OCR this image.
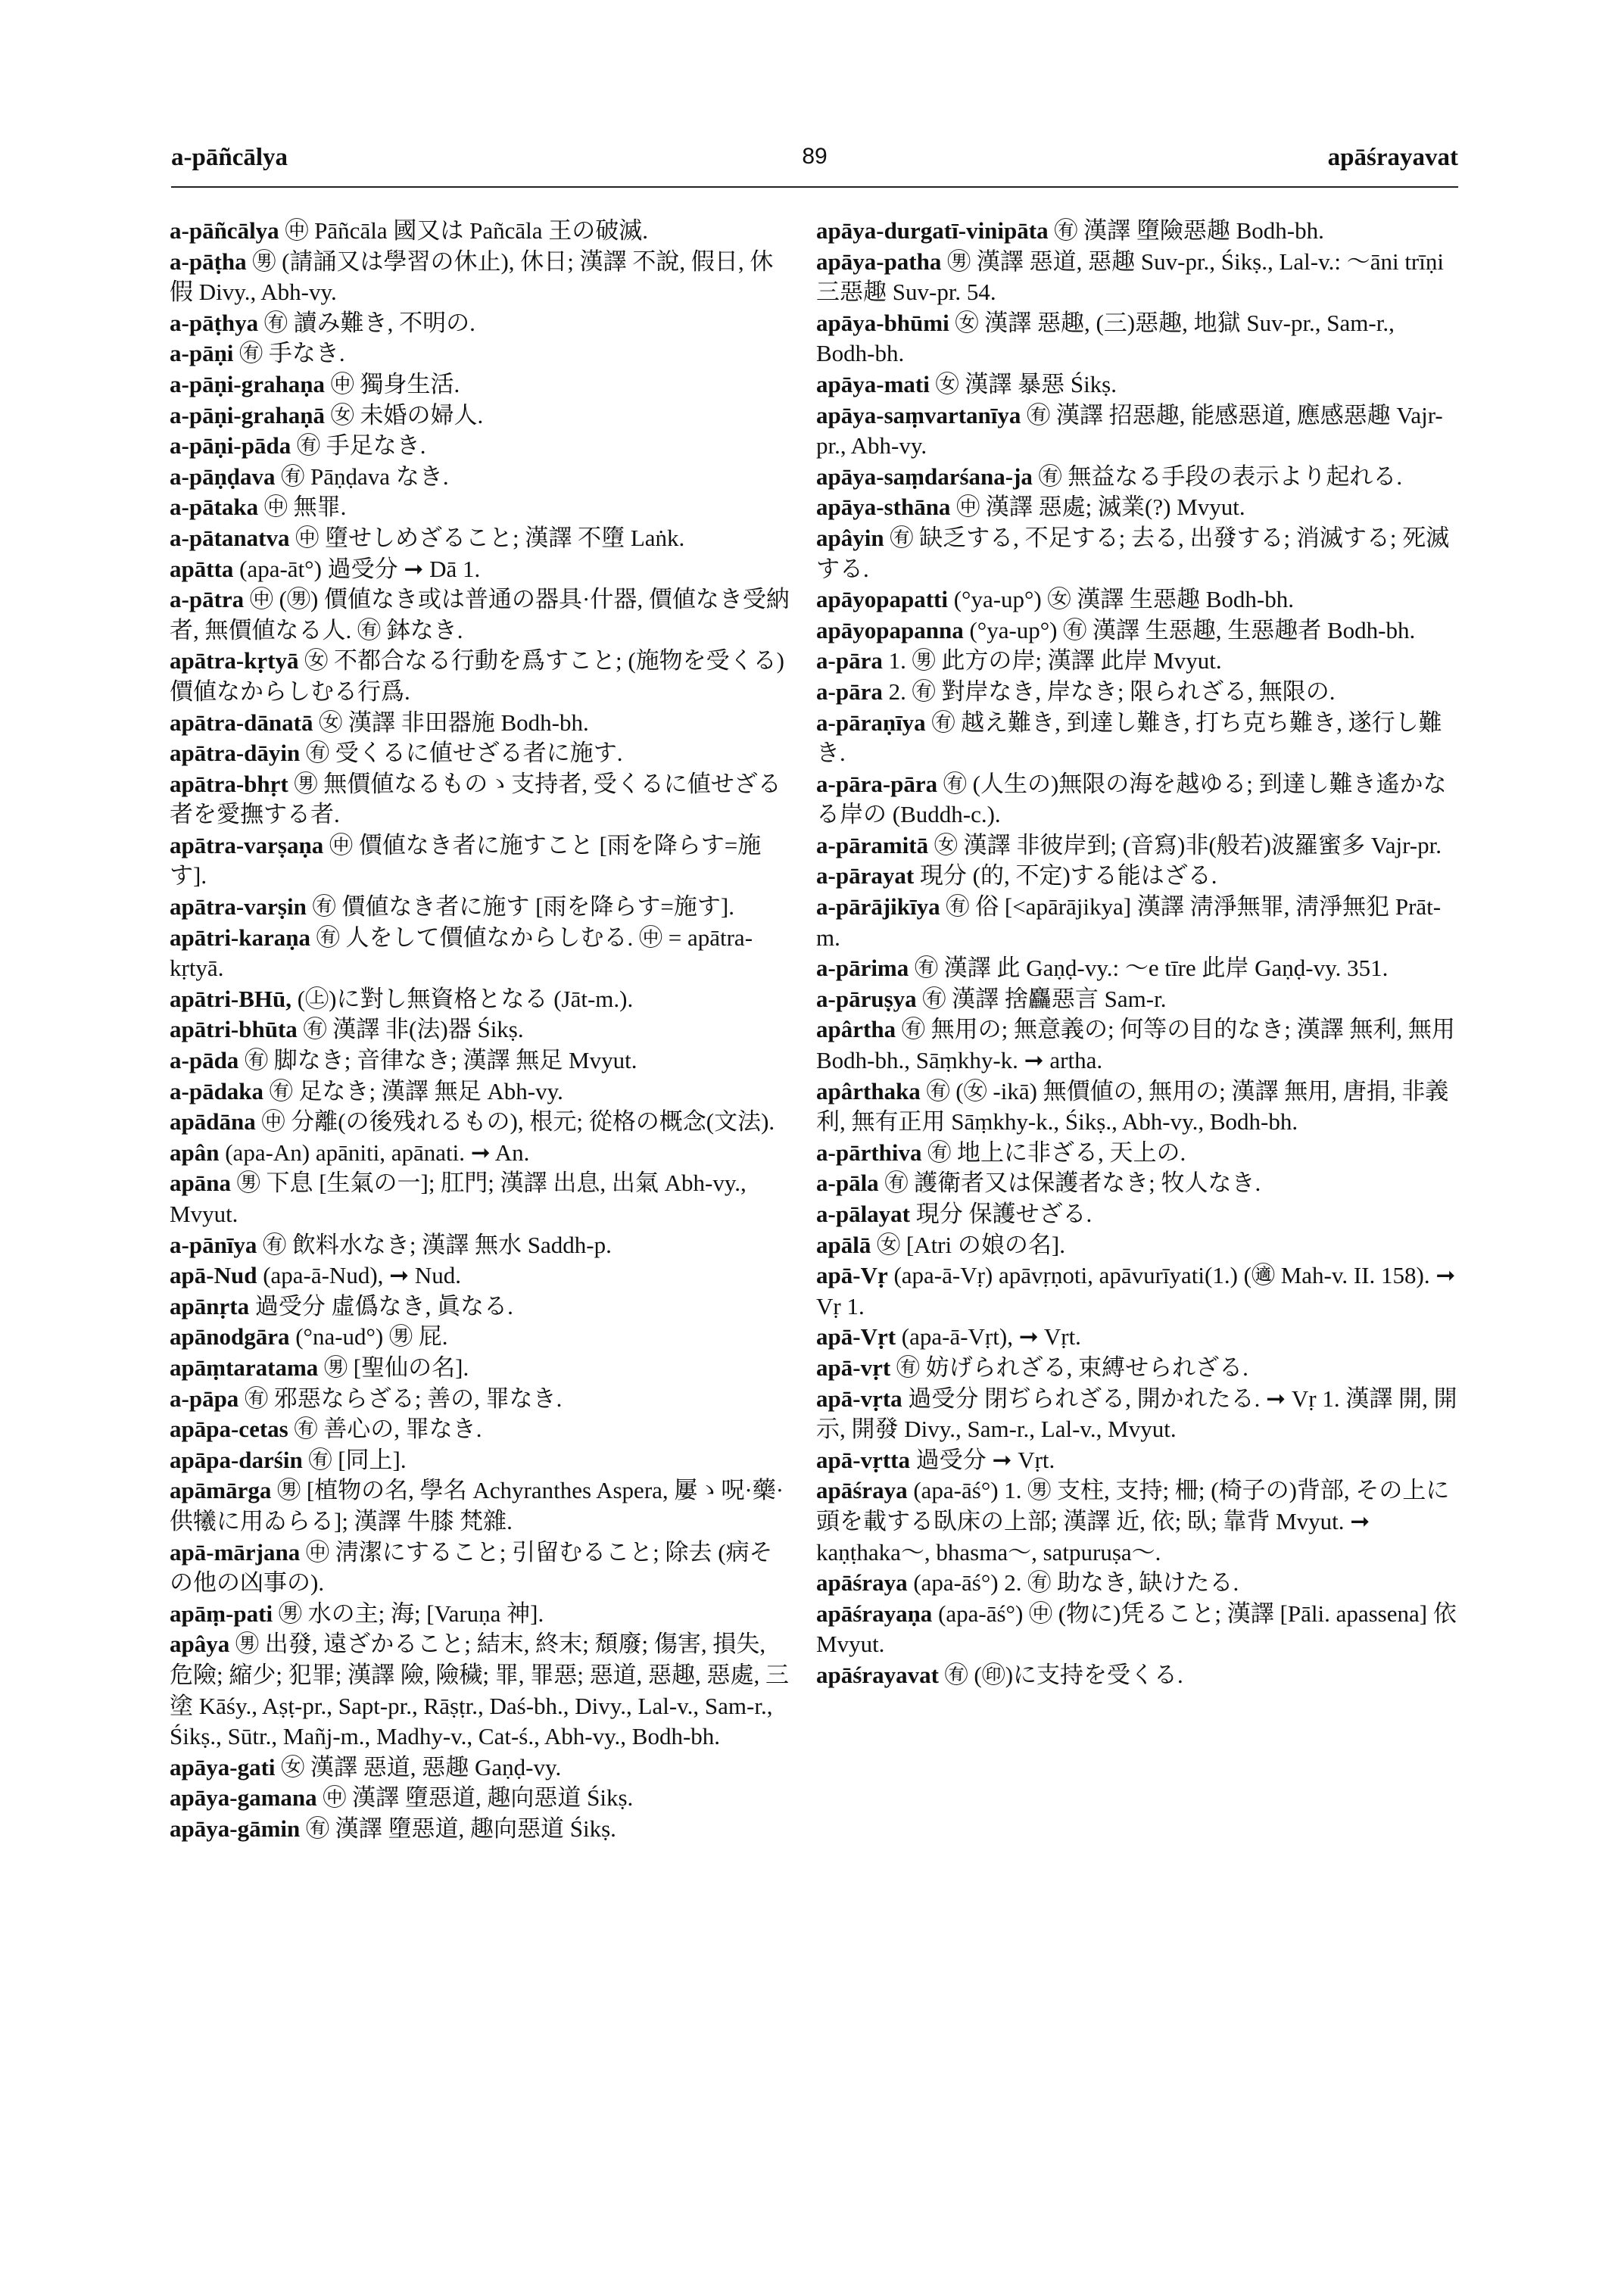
a-pāñcālya	89	apāśrayavat
a-pāñcālya ㊥ Pāñcāla 國又は Pañcāla 王の破滅.
a-pāṭha ㊚ (請誦又は學習の休止), 休日; 漢譯 不說, 假日, 休假 Divy., Abh-vy.
a-pāṭhya ㊒ 讀み難き, 不明の.
a-pāṇi ㊒ 手なき.
a-pāṇi-grahaṇa ㊥ 獨身生活.
a-pāṇi-grahaṇā ㊛ 未婚の婦人.
a-pāṇi-pāda ㊒ 手足なき.
a-pāṇḍava ㊒ Pāṇḍava なき.
a-pātaka ㊥ 無罪.
a-pātanatva ㊥ 墮せしめざること; 漢譯 不墮 Laṅk.
apātta (apa-āt°) 過受分 ➞ Dā 1.
a-pātra ㊥ (㊚) 價値なき或は普通の器具·什器, 價値なき受納者, 無價値なる人. ㊒ 鉢なき.
apātra-kṛtyā ㊛ 不都合なる行動を爲すこと; (施物を受くる)價値なからしむる行爲.
apātra-dānatā ㊛ 漢譯 非田器施 Bodh-bh.
apātra-dāyin ㊒ 受くるに値せざる者に施す.
apātra-bhṛt ㊚ 無價値なるものゝ支持者, 受くるに値せざる者を愛撫する者.
apātra-varṣaṇa ㊥ 價値なき者に施すこと [雨を降らす=施す].
apātra-varṣin ㊒ 價値なき者に施す [雨を降らす=施す].
apātri-karaṇa ㊒ 人をして價値なからしむる. ㊥ = apātra-kṛtyā.
apātri-BHū, (㊤)に對し無資格となる (Jāt-m.).
apātri-bhūta ㊒ 漢譯 非(法)器 Śikṣ.
a-pāda ㊒ 脚なき; 音律なき; 漢譯 無足 Mvyut.
a-pādaka ㊒ 足なき; 漢譯 無足 Abh-vy.
apādāna ㊥ 分離(の後残れるもの), 根元; 從格の概念(文法).
apân (apa-An) apāniti, apānati. ➞ An.
apāna ㊚ 下息 [生氣の一]; 肛門; 漢譯 出息, 出氣 Abh-vy., Mvyut.
a-pānīya ㊒ 飲料水なき; 漢譯 無水 Saddh-p.
apā-Nud (apa-ā-Nud), ➞ Nud.
apānṛta 過受分 虛僞なき, 眞なる.
apānodgāra (°na-ud°) ㊚ 屁.
apāṃtaratama ㊚ [聖仙の名].
a-pāpa ㊒ 邪惡ならざる; 善の, 罪なき.
apāpa-cetas ㊒ 善心の, 罪なき.
apāpa-darśin ㊒ [同上].
apāmārga ㊚ [植物の名, 學名 Achyranthes Aspera, 屢ゝ呪·藥·供犧に用ゐらる]; 漢譯 牛膝 梵雜.
apā-mārjana ㊥ 淸潔にすること; 引留むること; 除去 (病その他の凶事の).
apāṃ-pati ㊚ 水の主; 海; [Varuṇa 神].
apâya ㊚ 出發, 遠ざかること; 結末, 終末; 頹廢; 傷害, 損失, 危險; 縮少; 犯罪; 漢譯 險, 險穢; 罪, 罪惡; 惡道, 惡趣, 惡處, 三塗 Kāśy., Aṣṭ-pr., Sapt-pr., Rāṣṭr., Daś-bh., Divy., Lal-v., Sam-r., Śikṣ., Sūtr., Mañj-m., Madhy-v., Cat-ś., Abh-vy., Bodh-bh.
apāya-gati ㊛ 漢譯 惡道, 惡趣 Gaṇḍ-vy.
apāya-gamana ㊥ 漢譯 墮惡道, 趣向惡道 Śikṣ.
apāya-gāmin ㊒ 漢譯 墮惡道, 趣向惡道 Śikṣ.
apāya-durgatī-vinipāta ㊒ 漢譯 墮險惡趣 Bodh-bh.
apāya-patha ㊚ 漢譯 惡道, 惡趣 Suv-pr., Śikṣ., Lal-v.: ～āni trīṇi 三惡趣 Suv-pr. 54.
apāya-bhūmi ㊛ 漢譯 惡趣, (三)惡趣, 地獄 Suv-pr., Sam-r., Bodh-bh.
apāya-mati ㊛ 漢譯 暴惡 Śikṣ.
apāya-saṃvartanīya ㊒ 漢譯 招惡趣, 能感惡道, 應感惡趣 Vajr-pr., Abh-vy.
apāya-saṃdarśana-ja ㊒ 無益なる手段の表示より起れる.
apāya-sthāna ㊥ 漢譯 惡處; 滅業(?) Mvyut.
apâyin ㊒ 缺乏する, 不足する; 去る, 出發する; 消滅する; 死滅する.
apāyopapatti (°ya-up°) ㊛ 漢譯 生惡趣 Bodh-bh.
apāyopapanna (°ya-up°) ㊒ 漢譯 生惡趣, 生惡趣者 Bodh-bh.
a-pāra 1. ㊚ 此方の岸; 漢譯 此岸 Mvyut.
a-pāra 2. ㊒ 對岸なき, 岸なき; 限られざる, 無限の.
a-pāraṇīya ㊒ 越え難き, 到達し難き, 打ち克ち難き, 遂行し難き.
a-pāra-pāra ㊒ (人生の)無限の海を越ゆる; 到達し難き遙かなる岸の (Buddh-c.).
a-pāramitā ㊛ 漢譯 非彼岸到; (音寫)非(般若)波羅蜜多 Vajr-pr.
a-pārayat 現分 (的, 不定)する能はざる.
a-pārājikīya ㊒ 俗 [<apārājikya] 漢譯 淸淨無罪, 淸淨無犯 Prāt-m.
a-pārima ㊒ 漢譯 此 Gaṇḍ-vy.: ～e tīre 此岸 Gaṇḍ-vy. 351.
a-pāruṣya ㊒ 漢譯 捨麤惡言 Sam-r.
apârtha ㊒ 無用の; 無意義の; 何等の目的なき; 漢譯 無利, 無用 Bodh-bh., Sāṃkhy-k. ➞ artha.
apârthaka ㊒ (㊛ -ikā) 無價値の, 無用の; 漢譯 無用, 唐捐, 非義利, 無有正用 Sāṃkhy-k., Śikṣ., Abh-vy., Bodh-bh.
a-pārthiva ㊒ 地上に非ざる, 天上の.
a-pāla ㊒ 護衛者又は保護者なき; 牧人なき.
a-pālayat 現分 保護せざる.
apālā ㊛ [Atri の娘の名].
apā-Vṛ (apa-ā-Vṛ) apāvṛṇoti, apāvurīyati(1.) (㊜ Mah-v. II. 158). ➞ Vṛ 1.
apā-Vṛt (apa-ā-Vṛt), ➞ Vṛt.
apā-vṛt ㊒ 妨げられざる, 束縛せられざる.
apā-vṛta 過受分 閉ぢられざる, 開かれたる. ➞ Vṛ 1. 漢譯 開, 開示, 開發 Divy., Sam-r., Lal-v., Mvyut.
apā-vṛtta 過受分 ➞ Vṛt.
apāśraya (apa-āś°) 1. ㊚ 支柱, 支持; 柵; (椅子の)背部, その上に頭を載する臥床の上部; 漢譯 近, 依; 臥; 靠背 Mvyut. ➞ kaṇṭhaka～, bhasma～, satpuruṣa～.
apāśraya (apa-āś°) 2. ㊒ 助なき, 缺けたる.
apāśrayaṇa (apa-āś°) ㊥ (物に)凭ること; 漢譯 [Pāli. apassena] 依 Mvyut.
apāśrayavat ㊒ (㊞)に支持を受くる.
